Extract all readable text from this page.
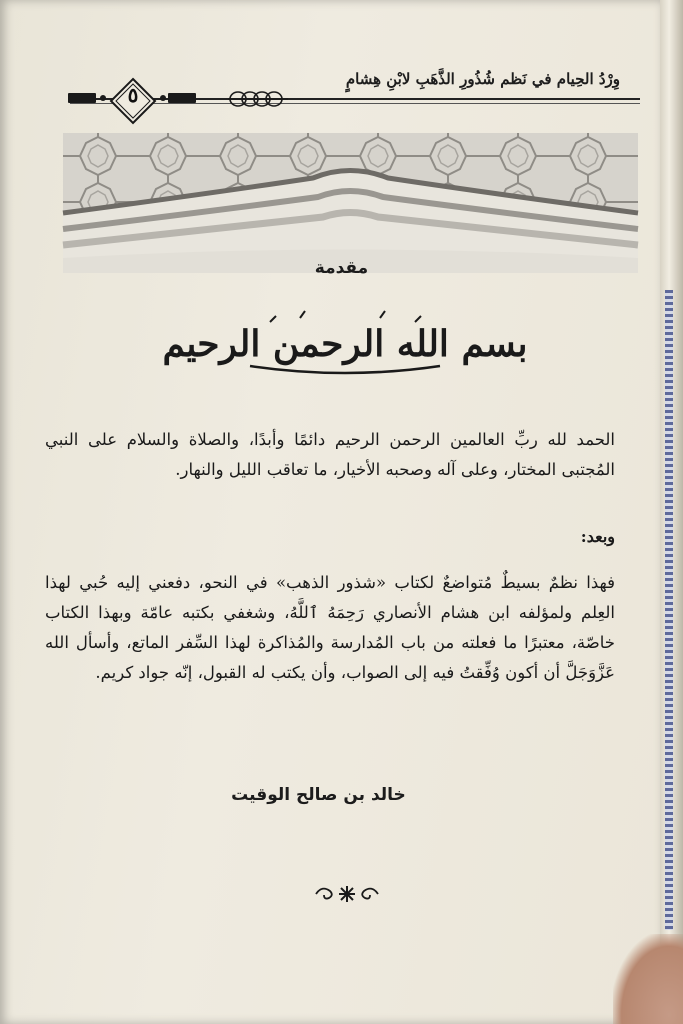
وِرْدُ الحِيام في نَظم شُذُورِ الذَّهَبِ لابْنِ هِشامٍ
٥
مقدمة
بسم الله الرحمن الرحيم
الحمد لله ربِّ العالمين الرحمن الرحيم دائمًا وأبدًا، والصلاة والسلام على النبي المُجتبى المختار، وعلى آله وصحبه الأخيار، ما تعاقب الليل والنهار.
وبعد:
فهذا نظمٌ بسيطٌ مُتواضعٌ لكتاب «شذور الذهب» في النحو، دفعني إليه حُبي لهذا العِلم ولمؤلفه ابن هشام الأنصاري رَحِمَهُ ٱللَّهُ، وشغفي بكتبه عامّة وبهذا الكتاب خاصّة، معتبرًا ما فعلته من باب المُدارسة والمُذاكرة لهذا السِّفر الماتع، وأسأل الله عَزَّوَجَلَّ أن أكون وُفِّقتُ فيه إلى الصواب، وأن يكتب له القبول، إنّه جواد كريم.
خالد بن صالح الوقيت
